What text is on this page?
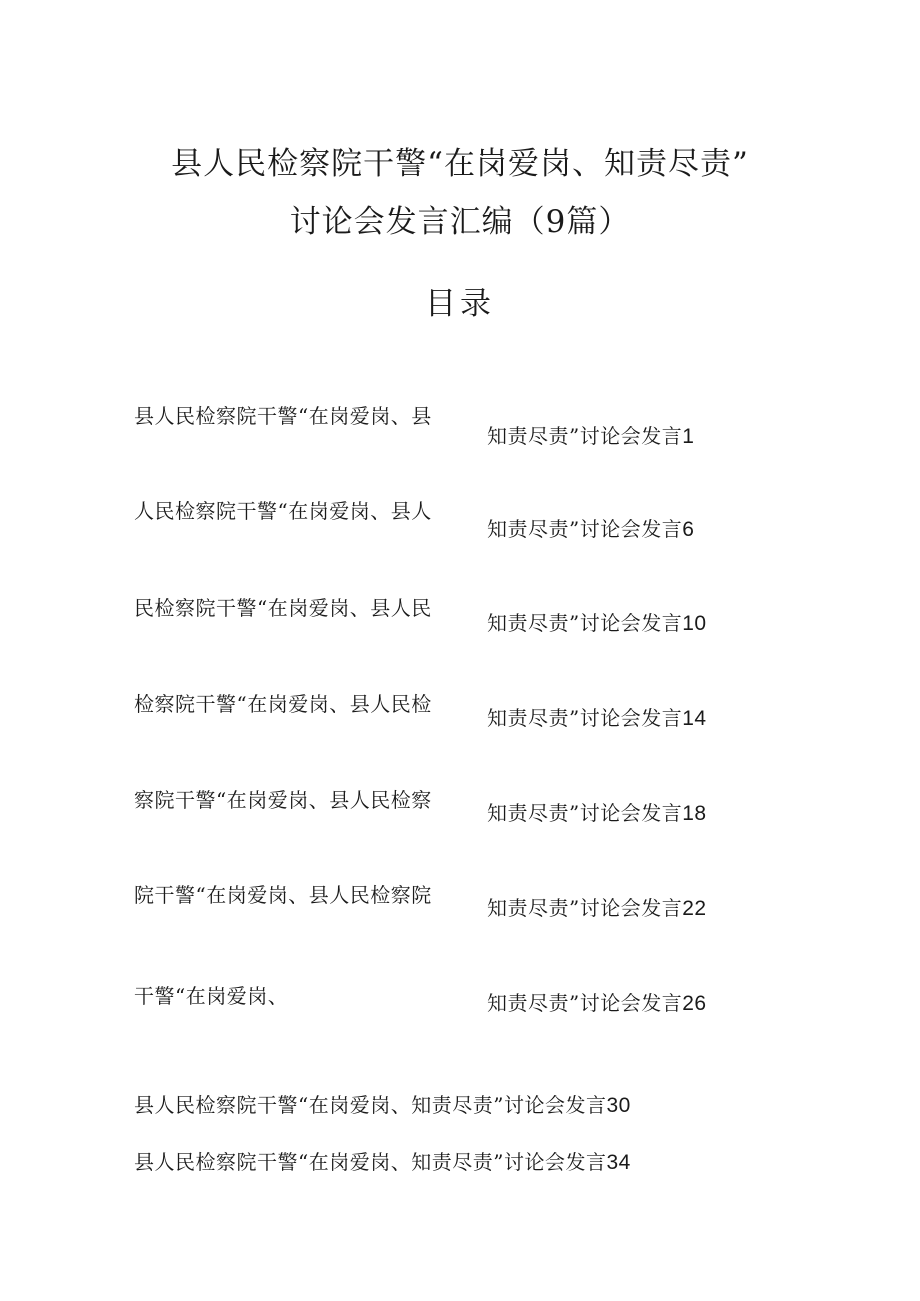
县人民检察院干警“在岗爱岗、知责尽责”
讨论会发言汇编（9篇）
目录
县人民检察院干警“在岗爱岗、县
知责尽责”讨论会发言1
人民检察院干警“在岗爱岗、县人
知责尽责”讨论会发言6
民检察院干警“在岗爱岗、县人民
知责尽责”讨论会发言10
检察院干警“在岗爱岗、县人民检
知责尽责”讨论会发言14
察院干警“在岗爱岗、县人民检察
知责尽责”讨论会发言18
院干警“在岗爱岗、县人民检察院
知责尽责”讨论会发言22
干警“在岗爱岗、	知责尽责”讨论会发言26
县人民检察院干警“在岗爱岗、知责尽责”讨论会发言30
县人民检察院干警“在岗爱岗、知责尽责”讨论会发言34
